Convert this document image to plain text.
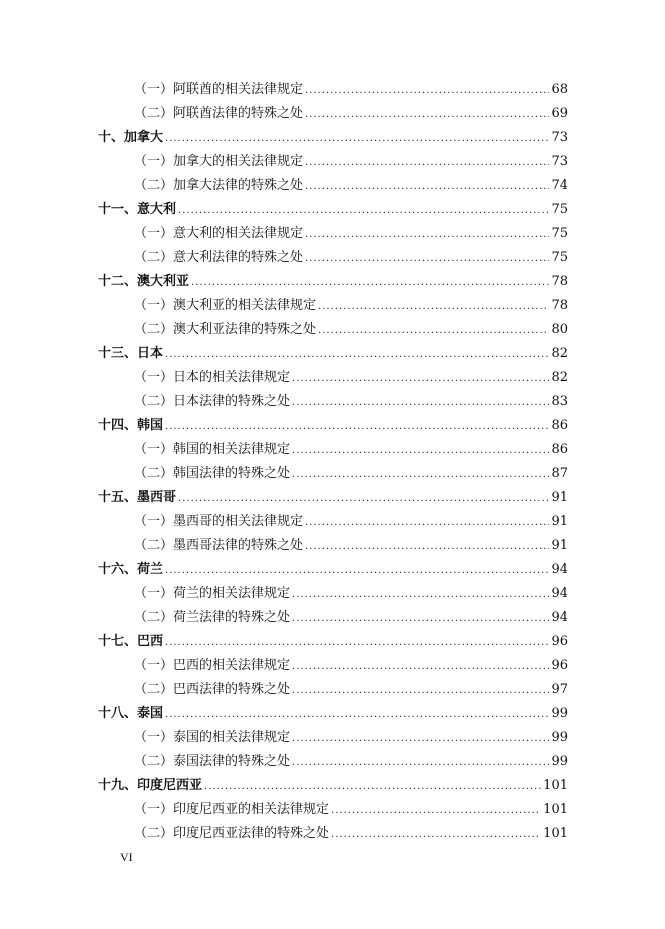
（一）阿联酋的相关法律规定 .....	68
（二）阿联酋法律的特殊之处 .....	69
十、加拿大 .....	73
（一）加拿大的相关法律规定 .....	73
（二）加拿大法律的特殊之处 .....	74
十一、意大利 .....	75
（一）意大利的相关法律规定 .....	75
（二）意大利法律的特殊之处 .....	75
十二、澳大利亚 .....	78
（一）澳大利亚的相关法律规定 .....	78
（二）澳大利亚法律的特殊之处 .....	80
十三、日本 .....	82
（一）日本的相关法律规定 .....	82
（二）日本法律的特殊之处 .....	83
十四、韩国 .....	86
（一）韩国的相关法律规定 .....	86
（二）韩国法律的特殊之处 .....	87
十五、墨西哥 .....	91
（一）墨西哥的相关法律规定 .....	91
（二）墨西哥法律的特殊之处 .....	91
十六、荷兰 .....	94
（一）荷兰的相关法律规定 .....	94
（二）荷兰法律的特殊之处 .....	94
十七、巴西 .....	96
（一）巴西的相关法律规定 .....	96
（二）巴西法律的特殊之处 .....	97
十八、泰国 .....	99
（一）泰国的相关法律规定 .....	99
（二）泰国法律的特殊之处 .....	99
十九、印度尼西亚 .....	101
（一）印度尼西亚的相关法律规定 .....	101
（二）印度尼西亚法律的特殊之处 .....	101
VI
